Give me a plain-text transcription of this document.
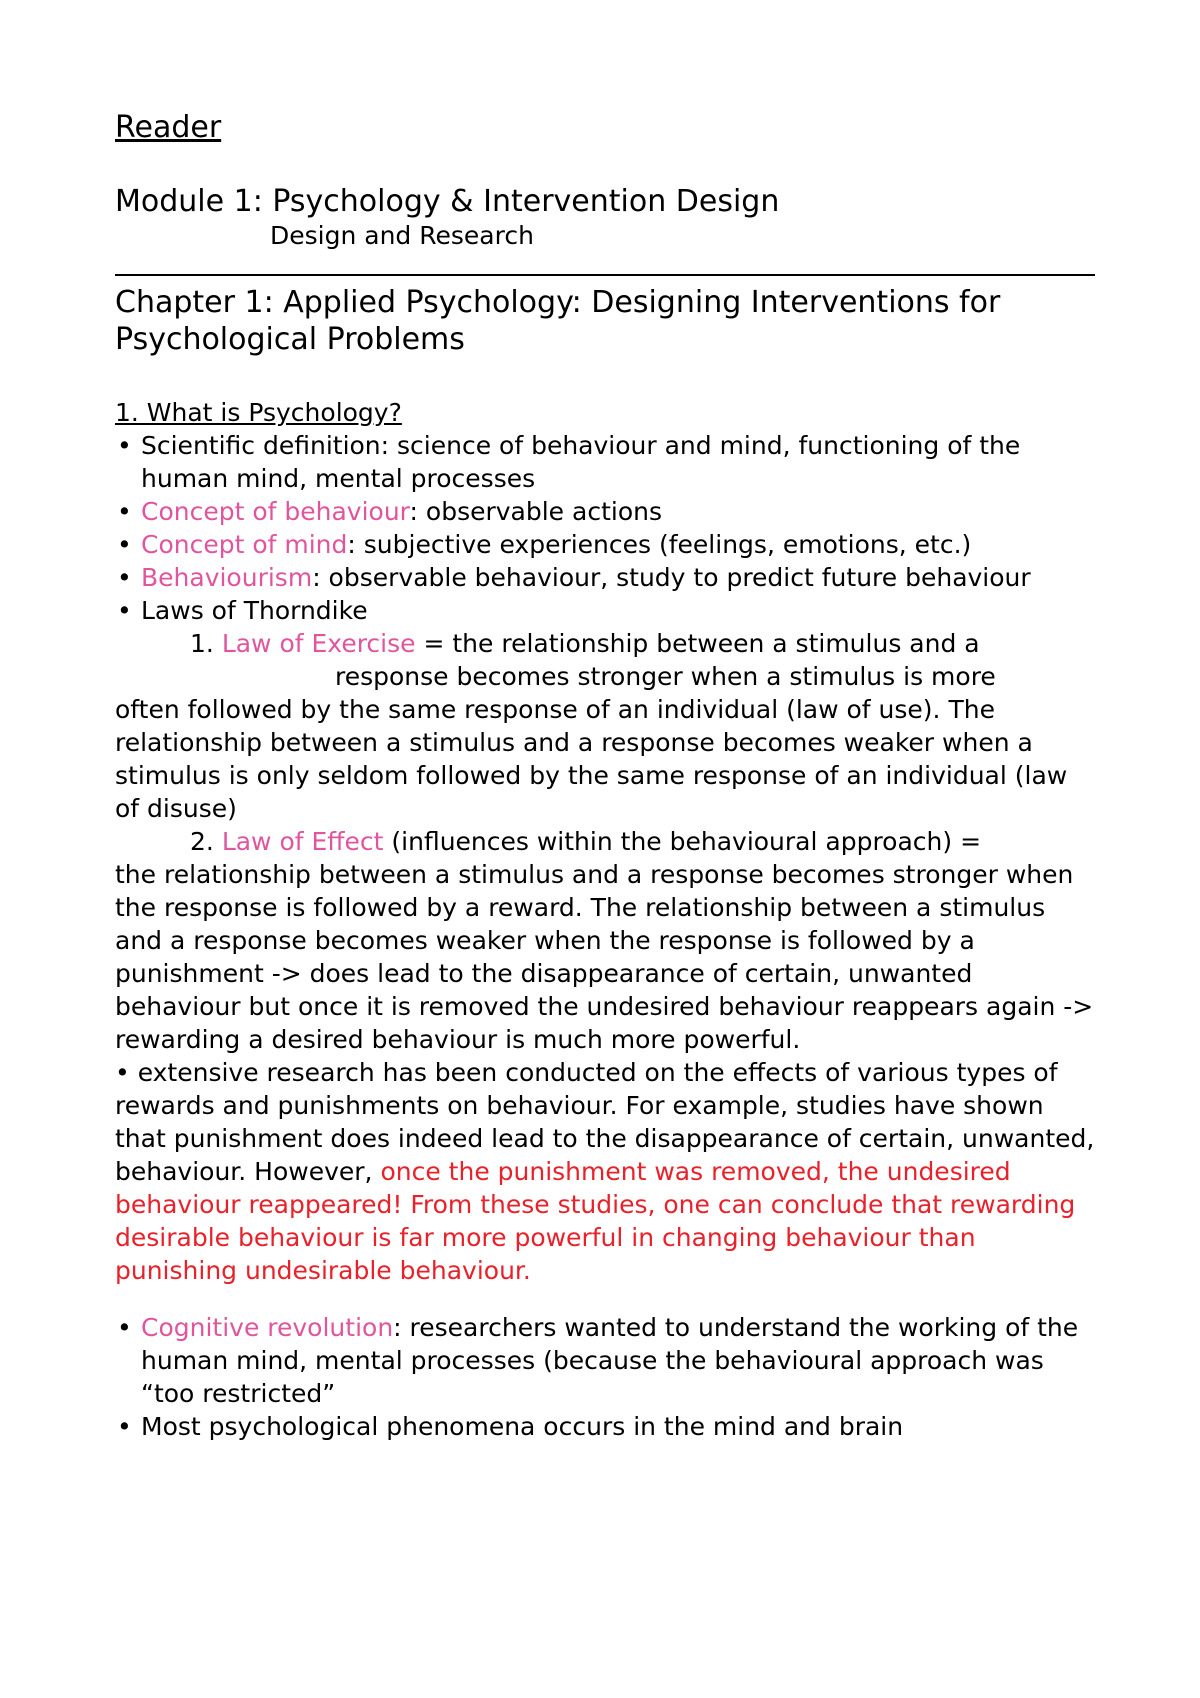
Reader

Module 1: Psychology & Intervention Design

Design and Research

Chapter 1: Applied Psychology: Designing Interventions for Psychological Problems

1. What is Psychology?

• Scientific definition: science of behaviour and mind, functioning of the human mind, mental processes
• Concept of behaviour: observable actions
• Concept of mind: subjective experiences (feelings, emotions, etc.)
• Behaviourism: observable behaviour, study to predict future behaviour
• Laws of Thorndike
1. Law of Exercise = the relationship between a stimulus and a
response becomes stronger when a stimulus is more
often followed by the same response of an individual (law of use). The relationship between a stimulus and a response becomes weaker when a stimulus is only seldom followed by the same response of an individual (law of disuse)
2. Law of Effect (influences within the behavioural approach) =
the relationship between a stimulus and a response becomes stronger when the response is followed by a reward. The relationship between a stimulus and a response becomes weaker when the response is followed by a punishment -> does lead to the disappearance of certain, unwanted behaviour but once it is removed the undesired behaviour reappears again -> rewarding a desired behaviour is much more powerful.

• extensive research has been conducted on the effects of various types of rewards and punishments on behaviour. For example, studies have shown that punishment does indeed lead to the disappearance of certain, unwanted, behaviour. However, once the punishment was removed, the undesired behaviour reappeared! From these studies, one can conclude that rewarding desirable behaviour is far more powerful in changing behaviour than punishing undesirable behaviour.

• Cognitive revolution: researchers wanted to understand the working of the human mind, mental processes (because the behavioural approach was “too restricted”
• Most psychological phenomena occurs in the mind and brain
